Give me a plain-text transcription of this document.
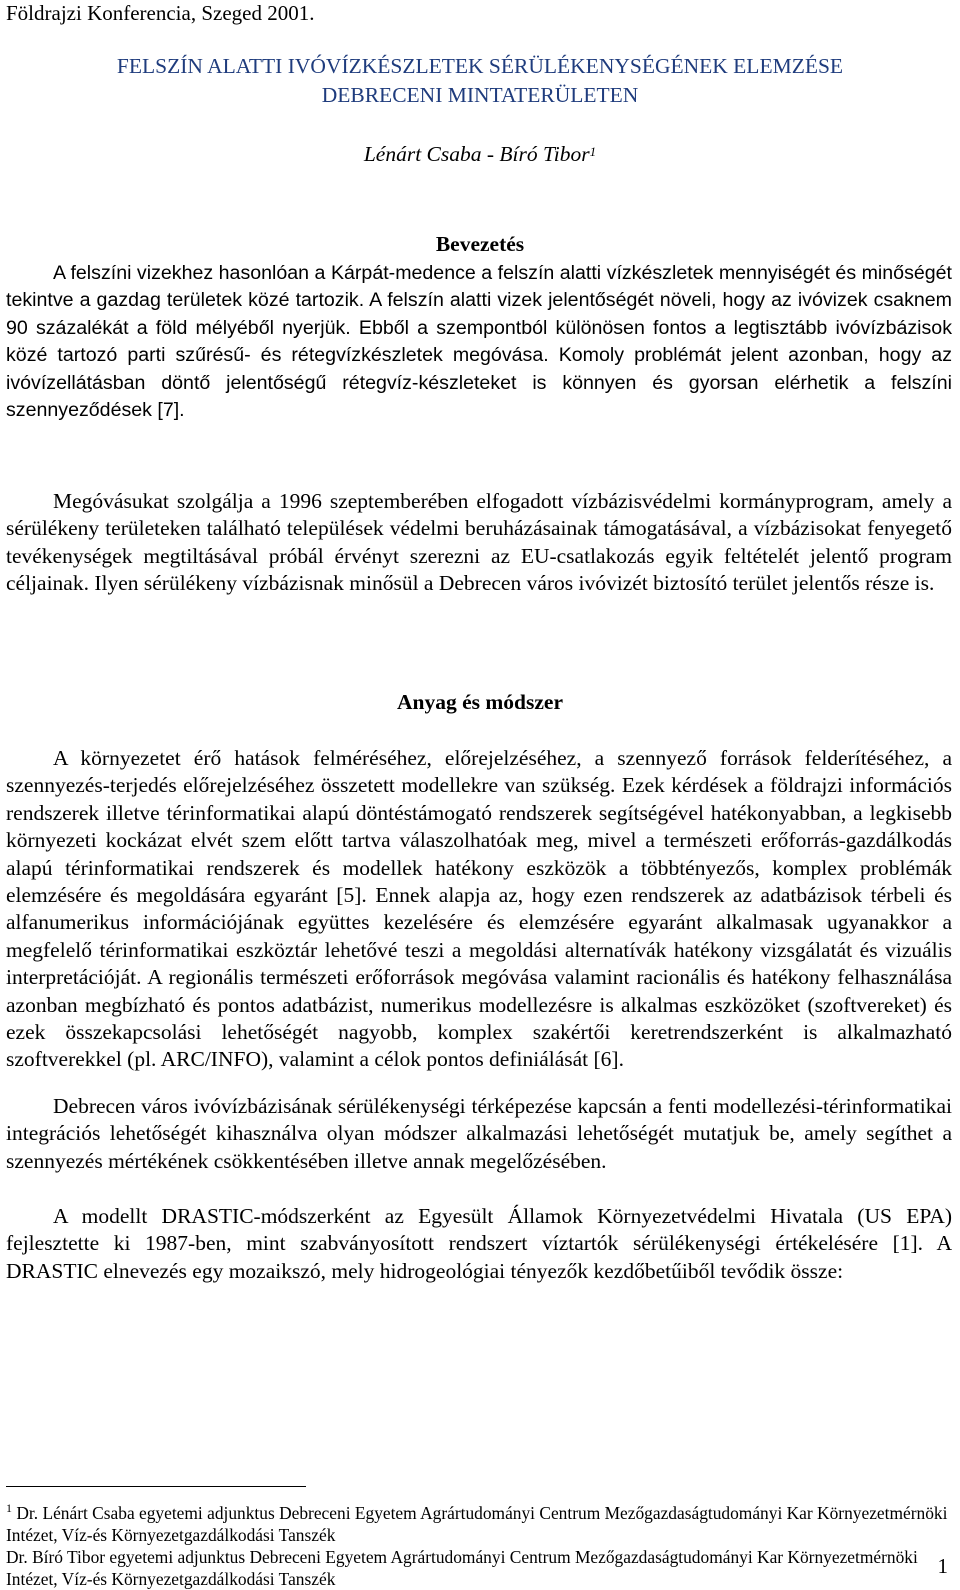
Földrajzi Konferencia, Szeged 2001.
FELSZÍN ALATTI IVÓVÍZKÉSZLETEK SÉRÜLÉKENYSÉGÉNEK ELEMZÉSE
DEBRECENI MINTATERÜLETEN
Lénárt Csaba - Bíró Tibor$^1$
Bevezetés

A felszíni vizekhez hasonlóan a Kárpát-medence a felszín alatti vízkészletek mennyiségét és minőségét tekintve a gazdag területek közé tartozik. A felszín alatti vizek jelentőségét növeli, hogy az ivóvizek csaknem 90 százalékát a föld mélyéből nyerjük. Ebből a szempontból különösen fontos a legtisztább ivóvízbázisok közé tartozó parti szűrésű- és rétegvízkészletek megóvása. Komoly problémát jelent azonban, hogy az ivóvízellátásban döntő jelentőségű rétegvíz-készleteket is könnyen és gyorsan elérhetik a felszíni szennyeződések [7].

Megóvásukat szolgálja a 1996 szeptemberében elfogadott vízbázisvédelmi kormányprogram, amely a sérülékeny területeken található települések védelmi beruházásainak támogatásával, a vízbázisokat fenyegető tevékenységek megtiltásával próbál érvényt szerezni az EU-csatlakozás egyik feltételét jelentő program céljainak. Ilyen sérülékeny vízbázisnak minősül a Debrecen város ivóvizét biztosító terület jelentős része is.

Anyag és módszer

A környezetet érő hatások felméréséhez, előrejelzéséhez, a szennyező források felderítéséhez, a szennyezés-terjedés előrejelzéséhez összetett modellekre van szükség. Ezek kérdések a földrajzi információs rendszerek illetve térinformatikai alapú döntéstámogató rendszerek segítségével hatékonyabban, a legkisebb környezeti kockázat elvét szem előtt tartva válaszolhatóak meg, mivel a természeti erőforrás-gazdálkodás alapú térinformatikai rendszerek és modellek hatékony eszközök a többtényezős, komplex problémák elemzésére és megoldására egyaránt [5]. Ennek alapja az, hogy ezen rendszerek az adatbázisok térbeli és alfanumerikus információjának együttes kezelésére és elemzésére egyaránt alkalmasak ugyanakkor a megfelelő térinformatikai eszköztár lehetővé teszi a megoldási alternatívák hatékony vizsgálatát és vizuális interpretációját. A regionális természeti erőforrások megóvása valamint racionális és hatékony felhasználása azonban megbízható és pontos adatbázist, numerikus modellezésre is alkalmas eszközöket (szoftvereket) és ezek összekapcsolási lehetőségét nagyobb, komplex szakértői keretrendszerként is alkalmazható szoftverekkel (pl. ARC/INFO), valamint a célok pontos definiálását [6].

Debrecen város ivóvízbázisának sérülékenységi térképezése kapcsán a fenti modellezési-térinformatikai integrációs lehetőségét kihasználva olyan módszer alkalmazási lehetőségét mutatjuk be, amely segíthet a szennyezés mértékének csökkentésében illetve annak megelőzésében.

A modellt DRASTIC-módszerként az Egyesült Államok Környezetvédelmi Hivatala (US EPA) fejlesztette ki 1987-ben, mint szabványosított rendszert víztartók sérülékenységi értékelésére [1]. A DRASTIC elnevezés egy mozaikszó, mely hidrogeológiai tényezők kezdőbetűiből tevődik össze:

$^1$ Dr. Lénárt Csaba egyetemi adjunktus Debreceni Egyetem Agrártudományi Centrum Mezőgazdaságtudományi Kar Környezetmérnöki Intézet, Víz-és Környezetgazdálkodási Tanszék

Dr. Bíró Tibor egyetemi adjunktus Debreceni Egyetem Agrártudományi Centrum Mezőgazdaságtudományi Kar Környezetmérnöki Intézet, Víz-és Környezetgazdálkodási Tanszék

1
